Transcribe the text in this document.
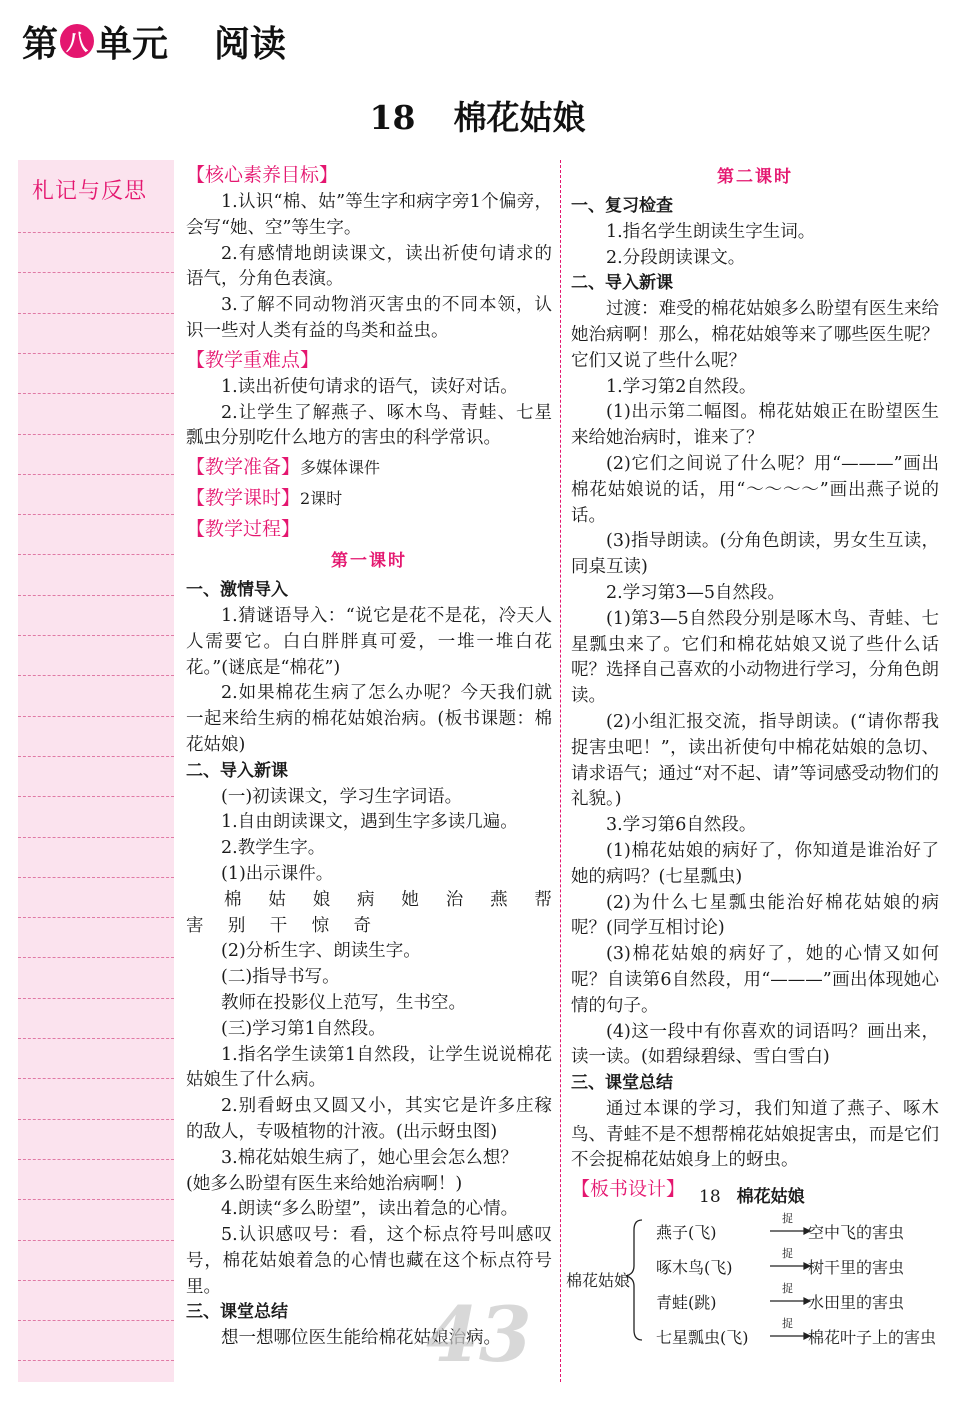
第 八 单元 阅读
18 棉花姑娘
札记与反思
【核心素养目标】
1.认识“棉、姑”等生字和病字旁1个偏旁，会写“她、空”等生字。
2.有感情地朗读课文，读出祈使句请求的语气，分角色表演。
3.了解不同动物消灭害虫的不同本领，认识一些对人类有益的鸟类和益虫。
【教学重难点】
1.读出祈使句请求的语气，读好对话。
2.让学生了解燕子、啄木鸟、青蛙、七星瓢虫分别吃什么地方的害虫的科学常识。
【教学准备】多媒体课件
【教学课时】2课时
【教学过程】
第一课时
一、激情导入
1.猜谜语导入：“说它是花不是花，冷天人人需要它。白白胖胖真可爱，一堆一堆白花花。”(谜底是“棉花”)
2.如果棉花生病了怎么办呢？今天我们就一起来给生病的棉花姑娘治病。(板书课题：棉花姑娘)
二、导入新课
(一)初读课文，学习生字词语。
1.自由朗读课文，遇到生字多读几遍。
2.教学生字。
(1)出示课件。
棉 姑 娘 病 她 治 燕 帮
害 别 干 惊 奇
(2)分析生字、朗读生字。
(二)指导书写。
教师在投影仪上范写，生书空。
(三)学习第1自然段。
1.指名学生读第1自然段，让学生说说棉花姑娘生了什么病。
2.别看蚜虫又圆又小，其实它是许多庄稼的敌人，专吸植物的汁液。(出示蚜虫图)
3.棉花姑娘生病了，她心里会怎么想？
(她多么盼望有医生来给她治病啊！)
4.朗读“多么盼望”，读出着急的心情。
5.认识感叹号：看，这个标点符号叫感叹号，棉花姑娘着急的心情也藏在这个标点符号里。
三、课堂总结
想一想哪位医生能给棉花姑娘治病。
第二课时
一、复习检查
1.指名学生朗读生字生词。
2.分段朗读课文。
二、导入新课
过渡：难受的棉花姑娘多么盼望有医生来给她治病啊！那么，棉花姑娘等来了哪些医生呢？它们又说了些什么呢？
1.学习第2自然段。
(1)出示第二幅图。棉花姑娘正在盼望医生来给她治病时，谁来了？
(2)它们之间说了什么呢？用“———”画出棉花姑娘说的话，用“～～～～”画出燕子说的话。
(3)指导朗读。(分角色朗读，男女生互读，同桌互读)
2.学习第3—5自然段。
(1)第3—5自然段分别是啄木鸟、青蛙、七星瓢虫来了。它们和棉花姑娘又说了些什么话呢？选择自己喜欢的小动物进行学习，分角色朗读。
(2)小组汇报交流，指导朗读。(“请你帮我捉害虫吧！”，读出祈使句中棉花姑娘的急切、请求语气；通过“对不起、请”等词感受动物们的礼貌。)
3.学习第6自然段。
(1)棉花姑娘的病好了，你知道是谁治好了她的病吗？(七星瓢虫)
(2)为什么七星瓢虫能治好棉花姑娘的病呢？(同学互相讨论)
(3)棉花姑娘的病好了，她的心情又如何呢？自读第6自然段，用“———”画出体现她心情的句子。
(4)这一段中有你喜欢的词语吗？画出来，读一读。(如碧绿碧绿、雪白雪白)
三、课堂总结
通过本课的学习，我们知道了燕子、啄木鸟、青蛙不是不想帮棉花姑娘捉害虫，而是它们不会捉棉花姑娘身上的蚜虫。
【板书设计】 18 棉花姑娘
棉花姑娘
燕子(飞)
捉
空中飞的害虫
啄木鸟(飞)
捉
树干里的害虫
青蛙(跳)
捉
水田里的害虫
七星瓢虫(飞)
捉
棉花叶子上的害虫
43
